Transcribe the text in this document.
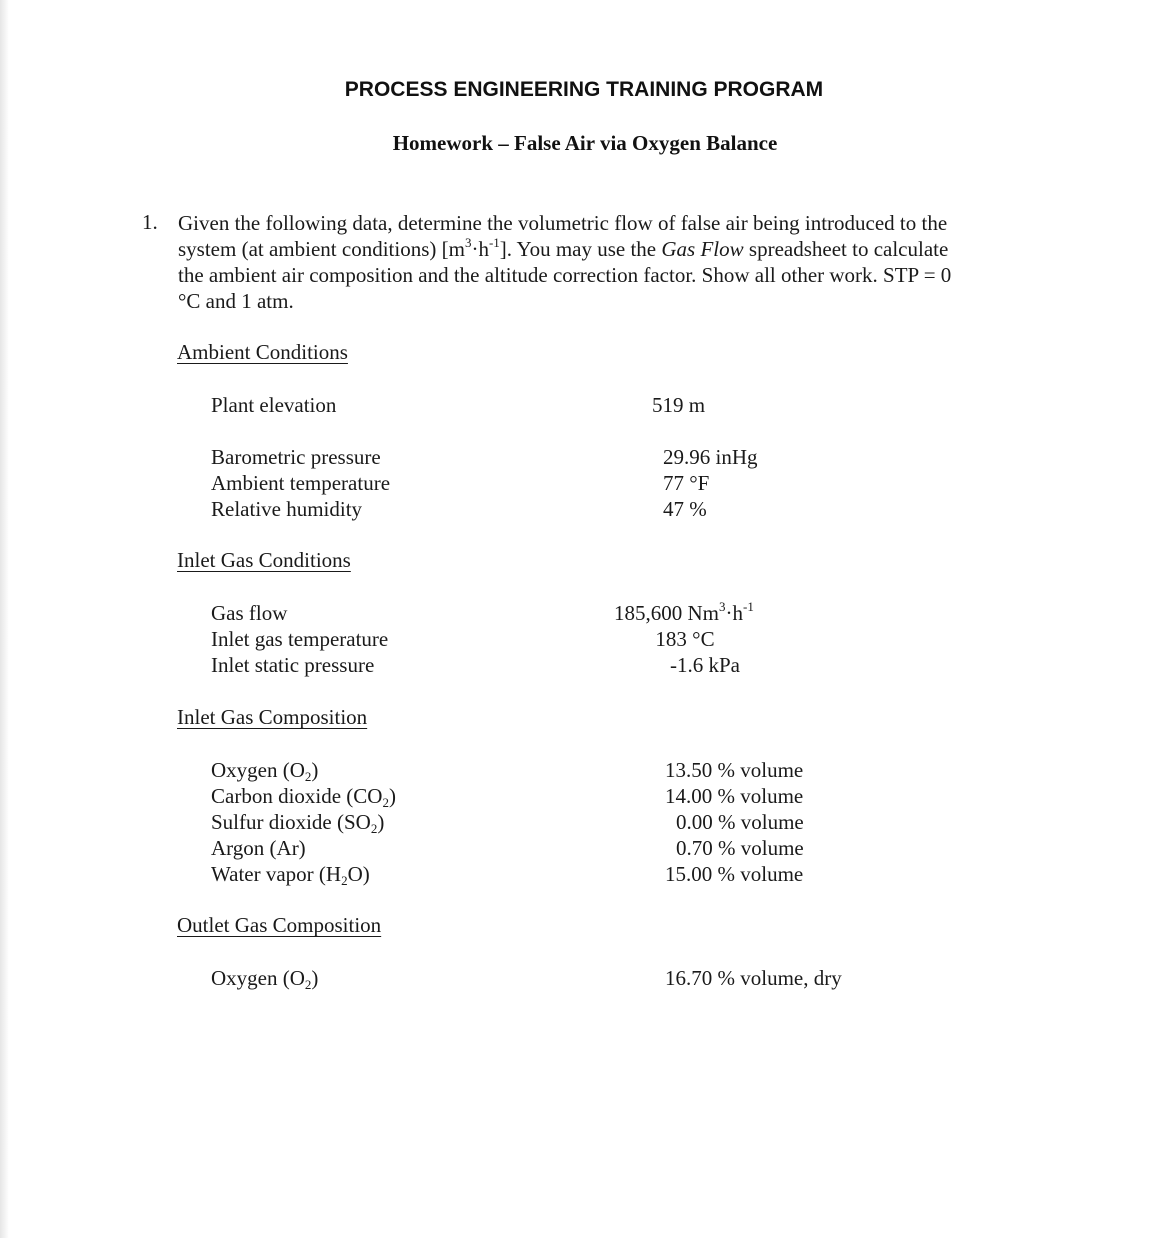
PROCESS ENGINEERING TRAINING PROGRAM
Homework – False Air via Oxygen Balance
1. Given the following data, determine the volumetric flow of false air being introduced to the
system (at ambient conditions) $[m^3\cdot h^{-1}]$. You may use the Gas Flow spreadsheet to calculate
the ambient air composition and the altitude correction factor. Show all other work. STP = 0
°C and 1 atm.
Ambient Conditions
Plant elevation	519 m
Barometric pressure	29.96 inHg
Ambient temperature	77 °F
Relative humidity	47 %
Inlet Gas Conditions
Gas flow	185,600 $Nm^3\cdot h^{-1}$
Inlet gas temperature	183 °C
Inlet static pressure	-1.6 kPa
Inlet Gas Composition
Oxygen $(O_2)$	13.50 % volume
Carbon dioxide $(CO_2)$	14.00 % volume
Sulfur dioxide $(SO_2)$	0.00 % volume
Argon (Ar)	0.70 % volume
Water vapor $(H_2O)$	15.00 % volume
Outlet Gas Composition
Oxygen $(O_2)$	16.70 % volume, dry
